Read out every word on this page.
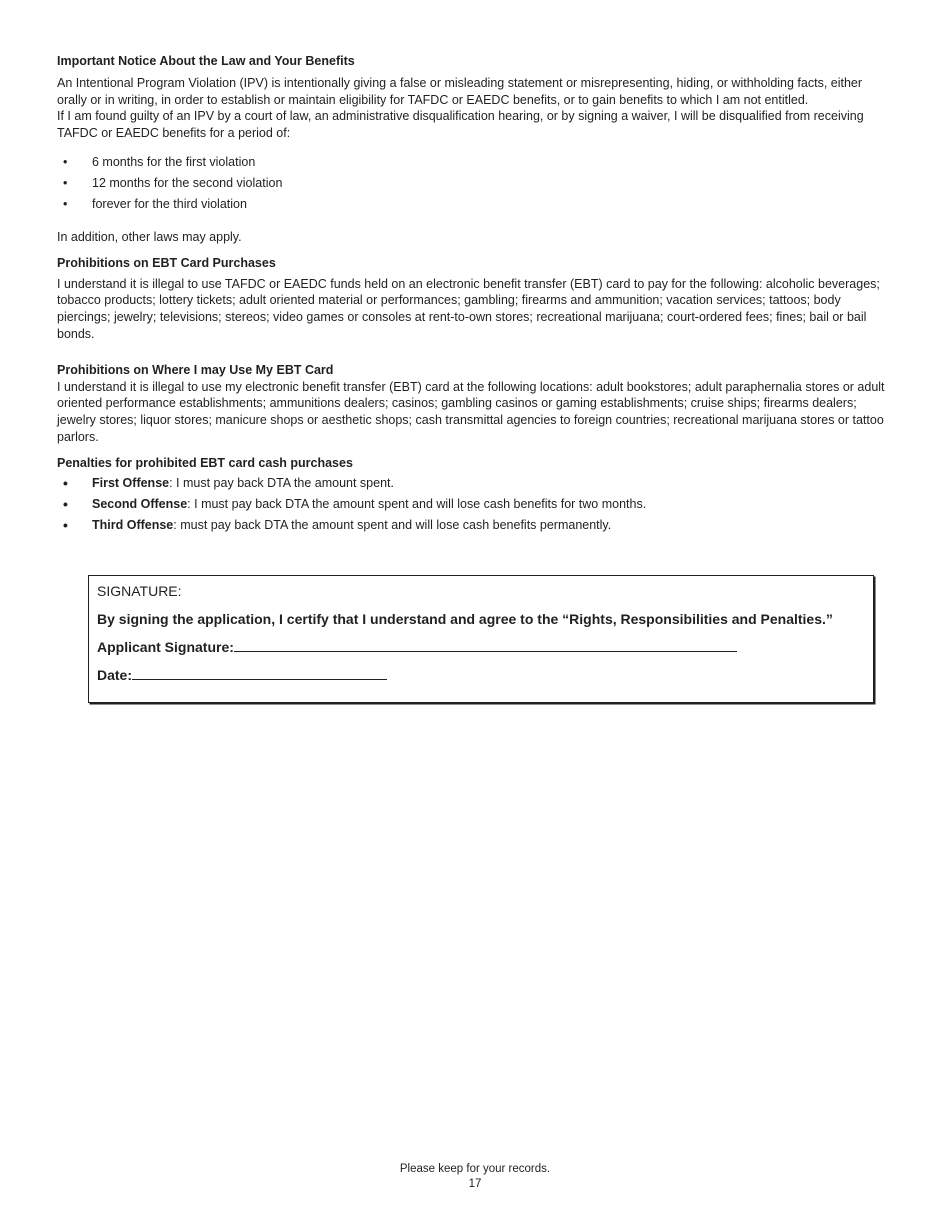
Important Notice About the Law and Your Benefits
An Intentional Program Violation (IPV) is intentionally giving a false or misleading statement or misrepresenting, hiding, or withholding facts, either orally or in writing, in order to establish or maintain eligibility for TAFDC or EAEDC benefits, or to gain benefits to which I am not entitled.
If I am found guilty of an IPV by a court of law, an administrative disqualification hearing, or by signing a waiver, I will be disqualified from receiving TAFDC or EAEDC benefits for a period of:
•	6 months for the first violation
•	12 months for the second violation
•	forever for the third violation
In addition, other laws may apply.
Prohibitions on EBT Card Purchases
I understand it is illegal to use TAFDC or EAEDC funds held on an electronic benefit transfer (EBT) card to pay for the following: alcoholic beverages; tobacco products; lottery tickets; adult oriented material or performances; gambling; firearms and ammunition; vacation services; tattoos; body piercings; jewelry; televisions; stereos; video games or consoles at rent-to-own stores; recreational marijuana; court-ordered fees; fines; bail or bail bonds.
Prohibitions on Where I may Use My EBT Card
I understand it is illegal to use my electronic benefit transfer (EBT) card at the following locations: adult bookstores; adult paraphernalia stores or adult oriented performance establishments; ammunitions dealers; casinos; gambling casinos or gaming establishments; cruise ships; firearms dealers; jewelry stores; liquor stores; manicure shops or aesthetic shops; cash transmittal agencies to foreign countries; recreational marijuana stores or tattoo parlors.
Penalties for prohibited EBT card cash purchases
•	First Offense: I must pay back DTA the amount spent.
•	Second Offense: I must pay back DTA the amount spent and will lose cash benefits for two months.
•	Third Offense: must pay back DTA the amount spent and will lose cash benefits permanently.
SIGNATURE:
By signing the application, I certify that I understand and agree to the “Rights, Responsibilities and Penalties.”
Applicant Signature:
Date:
Please keep for your records.
17
